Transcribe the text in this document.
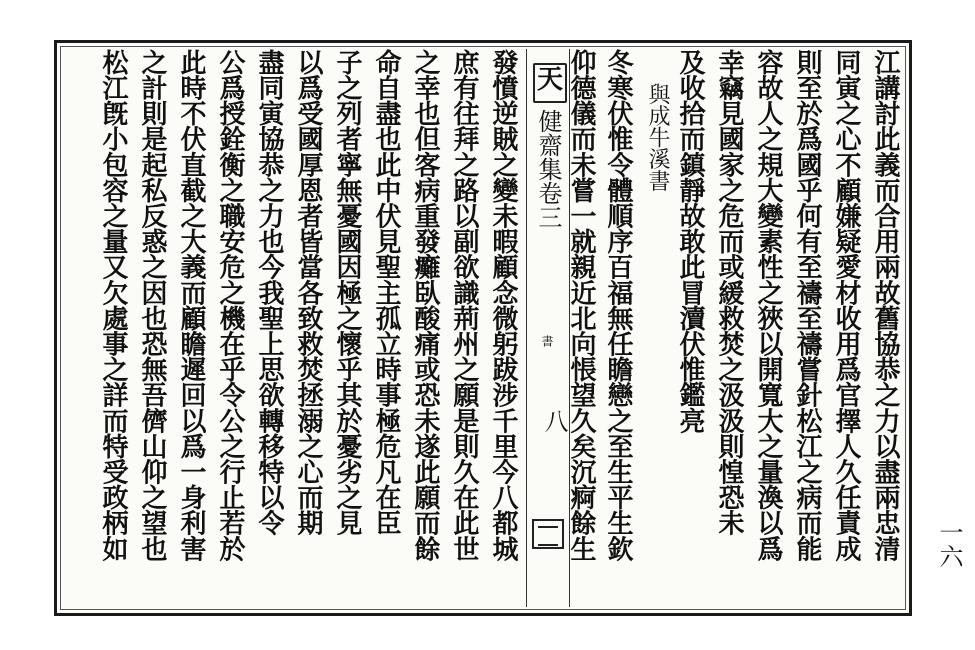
江講討此義而合用兩故舊協恭之力以盡兩忠清
同寅之心不顧嫌疑愛材收用爲官擇人久任責成
則至於爲國乎何有至禱至禱嘗針松江之病而能
容故人之規大變素性之狹以開寬大之量渙以爲
幸竊見國家之危而或緩救焚之汲汲則惶恐未
及收拾而鎮靜故敢此冒瀆伏惟鑑亮
與成牛溪書
冬寒伏惟令體順序百福無任瞻戀之至生平生欽
仰德儀而未嘗一就親近北向悵望久矣沉痾餘生
發憤逆賊之變未暇顧念微躬跋涉千里今八都城 天
健齋集卷三
書
八
庶有往拜之路以副欲識荊州之願是則久在此世
之幸也但客病重發癱臥酸痛或恐未遂此願而餘
命自盡也此中伏見聖主孤立時事極危凡在臣
子之列者寧無憂國因極之懷乎其於憂劣之見
以爲受國厚恩者皆當各致救焚拯溺之心而期
盡同寅協恭之力也今我聖上思欲轉移特以令
公爲授銓衡之職安危之機在乎令公之行止若於
此時不伏直截之大義而顧瞻遲回以爲一身利害
之計則是起私反惑之因也恐無吾儕山仰之望也
松江旣小包容之量又欠處事之詳而特受政柄如	一六
